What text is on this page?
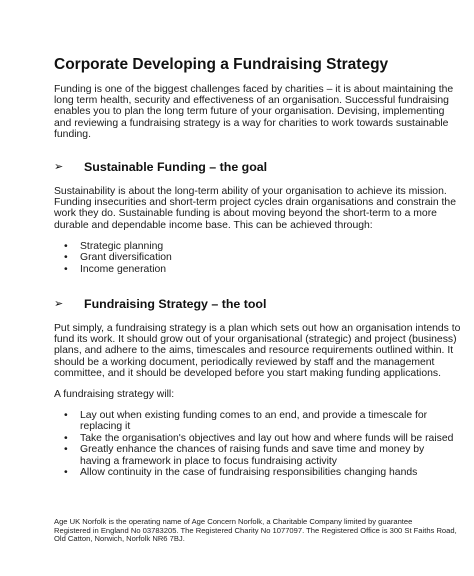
Corporate Developing a Fundraising Strategy
Funding is one of the biggest challenges faced by charities – it is about maintaining the
long term health, security and effectiveness of an organisation. Successful fundraising
enables you to plan the long term future of your organisation. Devising, implementing
and reviewing a fundraising strategy is a way for charities to work towards sustainable
funding.
➢ Sustainable Funding – the goal
Sustainability is about the long-term ability of your organisation to achieve its mission.
Funding insecurities and short-term project cycles drain organisations and constrain the
work they do. Sustainable funding is about moving beyond the short-term to a more
durable and dependable income base. This can be achieved through:
• Strategic planning
• Grant diversification
• Income generation
➢ Fundraising Strategy – the tool
Put simply, a fundraising strategy is a plan which sets out how an organisation intends to
fund its work. It should grow out of your organisational (strategic) and project (business)
plans, and adhere to the aims, timescales and resource requirements outlined within. It
should be a working document, periodically reviewed by staff and the management
committee, and it should be developed before you start making funding applications.
A fundraising strategy will:
• Lay out when existing funding comes to an end, and provide a timescale for
replacing it
• Take the organisation's objectives and lay out how and where funds will be raised
• Greatly enhance the chances of raising funds and save time and money by
having a framework in place to focus fundraising activity
• Allow continuity in the case of fundraising responsibilities changing hands
Age UK Norfolk is the operating name of Age Concern Norfolk, a Charitable Company limited by guarantee
Registered in England No 03783205. The Registered Charity No 1077097. The Registered Office is 300 St Faiths Road,
Old Catton, Norwich, Norfolk NR6 7BJ.
